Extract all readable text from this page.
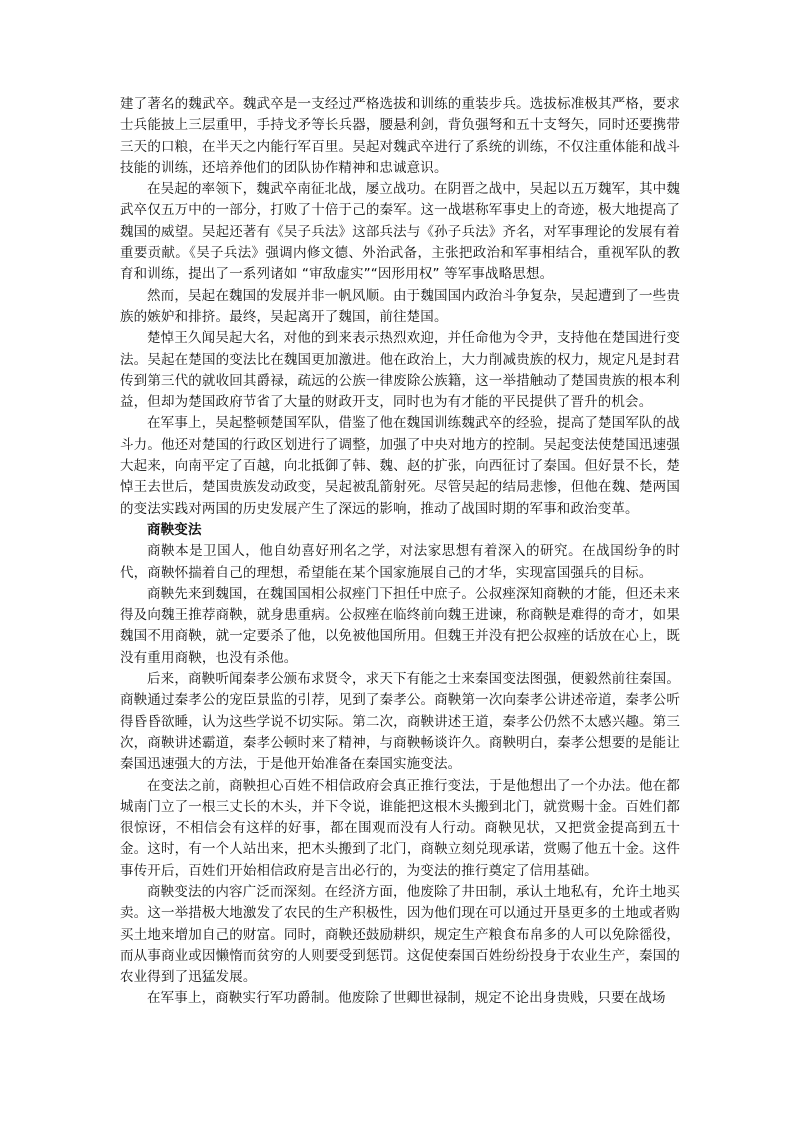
建了著名的魏武卒。魏武卒是一支经过严格选拔和训练的重装步兵。选拔标准极其严格，要求士兵能披上三层重甲，手持戈矛等长兵器，腰悬利剑，背负强弩和五十支弩矢，同时还要携带三天的口粮，在半天之内能行军百里。吴起对魏武卒进行了系统的训练，不仅注重体能和战斗技能的训练，还培养他们的团队协作精神和忠诚意识。

在吴起的率领下，魏武卒南征北战，屡立战功。在阴晋之战中，吴起以五万魏军，其中魏武卒仅五万中的一部分，打败了十倍于己的秦军。这一战堪称军事史上的奇迹，极大地提高了魏国的威望。吴起还著有《吴子兵法》这部兵法与《孙子兵法》齐名，对军事理论的发展有着重要贡献。《吴子兵法》强调内修文德、外治武备，主张把政治和军事相结合，重视军队的教育和训练，提出了一系列诸如 “审敌虚实”“因形用权” 等军事战略思想。

然而，吴起在魏国的发展并非一帆风顺。由于魏国国内政治斗争复杂，吴起遭到了一些贵族的嫉妒和排挤。最终，吴起离开了魏国，前往楚国。

楚悼王久闻吴起大名，对他的到来表示热烈欢迎，并任命他为令尹，支持他在楚国进行变法。吴起在楚国的变法比在魏国更加激进。他在政治上，大力削减贵族的权力，规定凡是封君传到第三代的就收回其爵禄，疏远的公族一律废除公族籍，这一举措触动了楚国贵族的根本利益，但却为楚国政府节省了大量的财政开支，同时也为有才能的平民提供了晋升的机会。

在军事上，吴起整顿楚国军队，借鉴了他在魏国训练魏武卒的经验，提高了楚国军队的战斗力。他还对楚国的行政区划进行了调整，加强了中央对地方的控制。吴起变法使楚国迅速强大起来，向南平定了百越，向北抵御了韩、魏、赵的扩张，向西征讨了秦国。但好景不长，楚悼王去世后，楚国贵族发动政变，吴起被乱箭射死。尽管吴起的结局悲惨，但他在魏、楚两国的变法实践对两国的历史发展产生了深远的影响，推动了战国时期的军事和政治变革。

商鞅变法

商鞅本是卫国人，他自幼喜好刑名之学，对法家思想有着深入的研究。在战国纷争的时代，商鞅怀揣着自己的理想，希望能在某个国家施展自己的才华，实现富国强兵的目标。

商鞅先来到魏国，在魏国国相公叔痤门下担任中庶子。公叔痤深知商鞅的才能，但还未来得及向魏王推荐商鞅，就身患重病。公叔痤在临终前向魏王进谏，称商鞅是难得的奇才，如果魏国不用商鞅，就一定要杀了他，以免被他国所用。但魏王并没有把公叔痤的话放在心上，既没有重用商鞅，也没有杀他。

后来，商鞅听闻秦孝公颁布求贤令，求天下有能之士来秦国变法图强，便毅然前往秦国。商鞅通过秦孝公的宠臣景监的引荐，见到了秦孝公。商鞅第一次向秦孝公讲述帝道，秦孝公听得昏昏欲睡，认为这些学说不切实际。第二次，商鞅讲述王道，秦孝公仍然不太感兴趣。第三次，商鞅讲述霸道，秦孝公顿时来了精神，与商鞅畅谈许久。商鞅明白，秦孝公想要的是能让秦国迅速强大的方法，于是他开始准备在秦国实施变法。

在变法之前，商鞅担心百姓不相信政府会真正推行变法，于是他想出了一个办法。他在都城南门立了一根三丈长的木头，并下令说，谁能把这根木头搬到北门，就赏赐十金。百姓们都很惊讶，不相信会有这样的好事，都在围观而没有人行动。商鞅见状，又把赏金提高到五十金。这时，有一个人站出来，把木头搬到了北门，商鞅立刻兑现承诺，赏赐了他五十金。这件事传开后，百姓们开始相信政府是言出必行的，为变法的推行奠定了信用基础。

商鞅变法的内容广泛而深刻。在经济方面，他废除了井田制，承认土地私有，允许土地买卖。这一举措极大地激发了农民的生产积极性，因为他们现在可以通过开垦更多的土地或者购买土地来增加自己的财富。同时，商鞅还鼓励耕织，规定生产粮食布帛多的人可以免除徭役，而从事商业或因懒惰而贫穷的人则要受到惩罚。这促使秦国百姓纷纷投身于农业生产，秦国的农业得到了迅猛发展。

在军事上，商鞅实行军功爵制。他废除了世卿世禄制，规定不论出身贵贱，只要在战场
